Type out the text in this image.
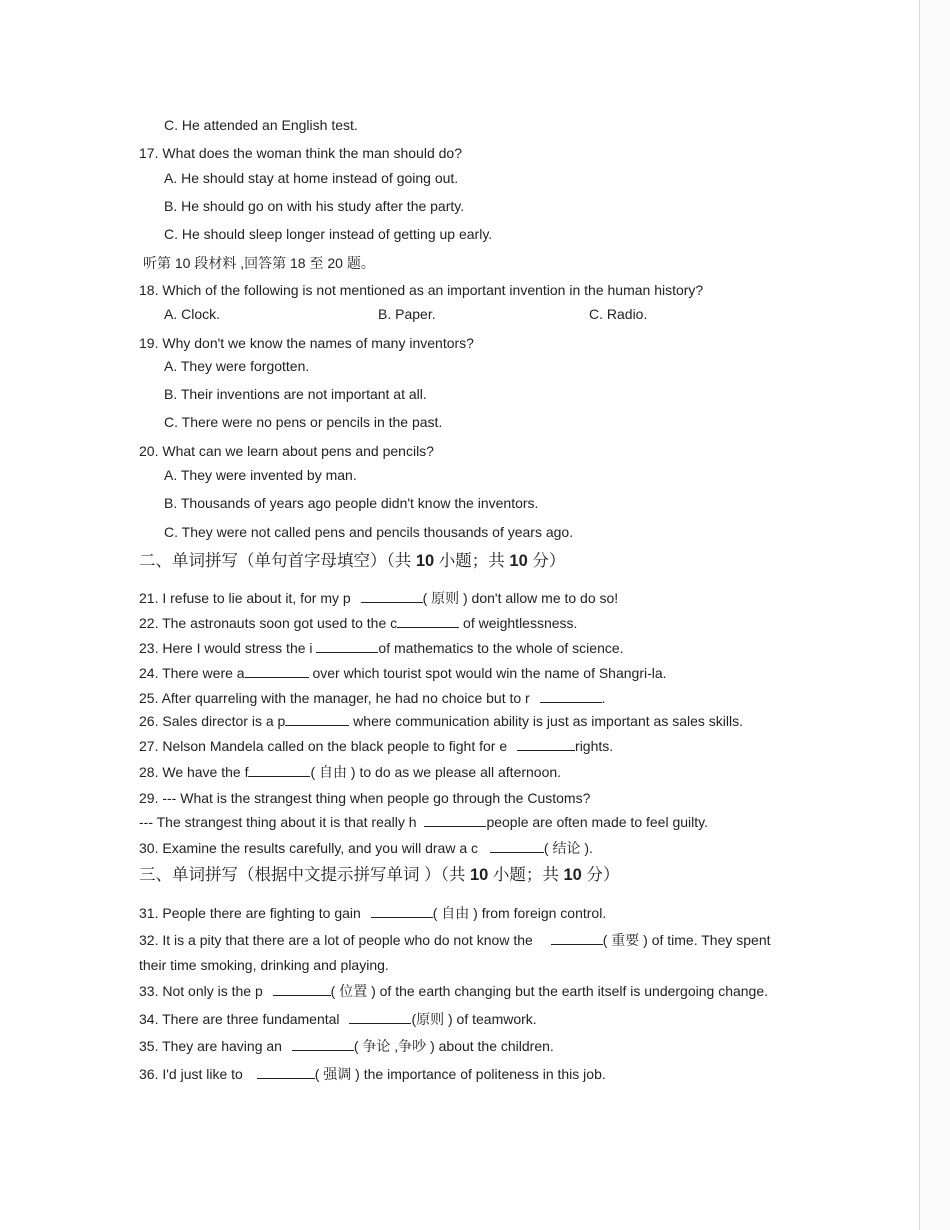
C. He attended an English test.
17. What does the woman think the man should do?
A. He should stay at home instead of going out.
B. He should go on with his study after the party.
C. He should sleep longer instead of getting up early.
听第 10 段材料 ,回答第 18 至 20 题。
18. Which of the following is not mentioned as an important invention in the human history?
A. Clock.	B. Paper.	C. Radio.
19. Why don't we know the names of many inventors?
A. They were forgotten.
B. Their inventions are not important at all.
C. There were no pens or pencils in the past.
20. What can we learn about pens and pencils?
A. They were invented by man.
B. Thousands of years ago people didn't know the inventors.
C. They were not called pens and pencils thousands of years ago.
二、单词拼写（单句首字母填空）（共 10 小题；共 10 分）
21. I refuse to lie about it, for my p	( 原则 ) don't allow me to do so!
22. The astronauts soon got used to the c	of weightlessness.
23. Here I would stress the i	of mathematics to the whole of science.
24. There were a	over which tourist spot would win the name of Shangri-la.
25. After quarreling with the manager, he had no choice but to r	.
26. Sales director is a p	where communication ability is just as important as sales skills.
27. Nelson Mandela called on the black people to fight for e	rights.
28. We have the f	( 自由 ) to do as we please all afternoon.
29. --- What is the strangest thing when people go through the Customs?
--- The strangest thing about it is that really h	people are often made to feel guilty.
30. Examine the results carefully, and you will draw a c	( 结论 ).
三、单词拼写（根据中文提示拼写单词 ）（共 10 小题；共 10 分）
31. People there are fighting to gain	( 自由 ) from foreign control.
32. It is a pity that there are a lot of people who do not know the	( 重要 ) of time. They spent
their time smoking, drinking and playing.
33. Not only is the p	( 位置 ) of the earth changing but the earth itself is undergoing change.
34. There are three fundamental	(原则 ) of teamwork.
35. They are having an	( 争论 ,争吵 ) about the children.
36. I'd just like to	( 强调 ) the importance of politeness in this job.
